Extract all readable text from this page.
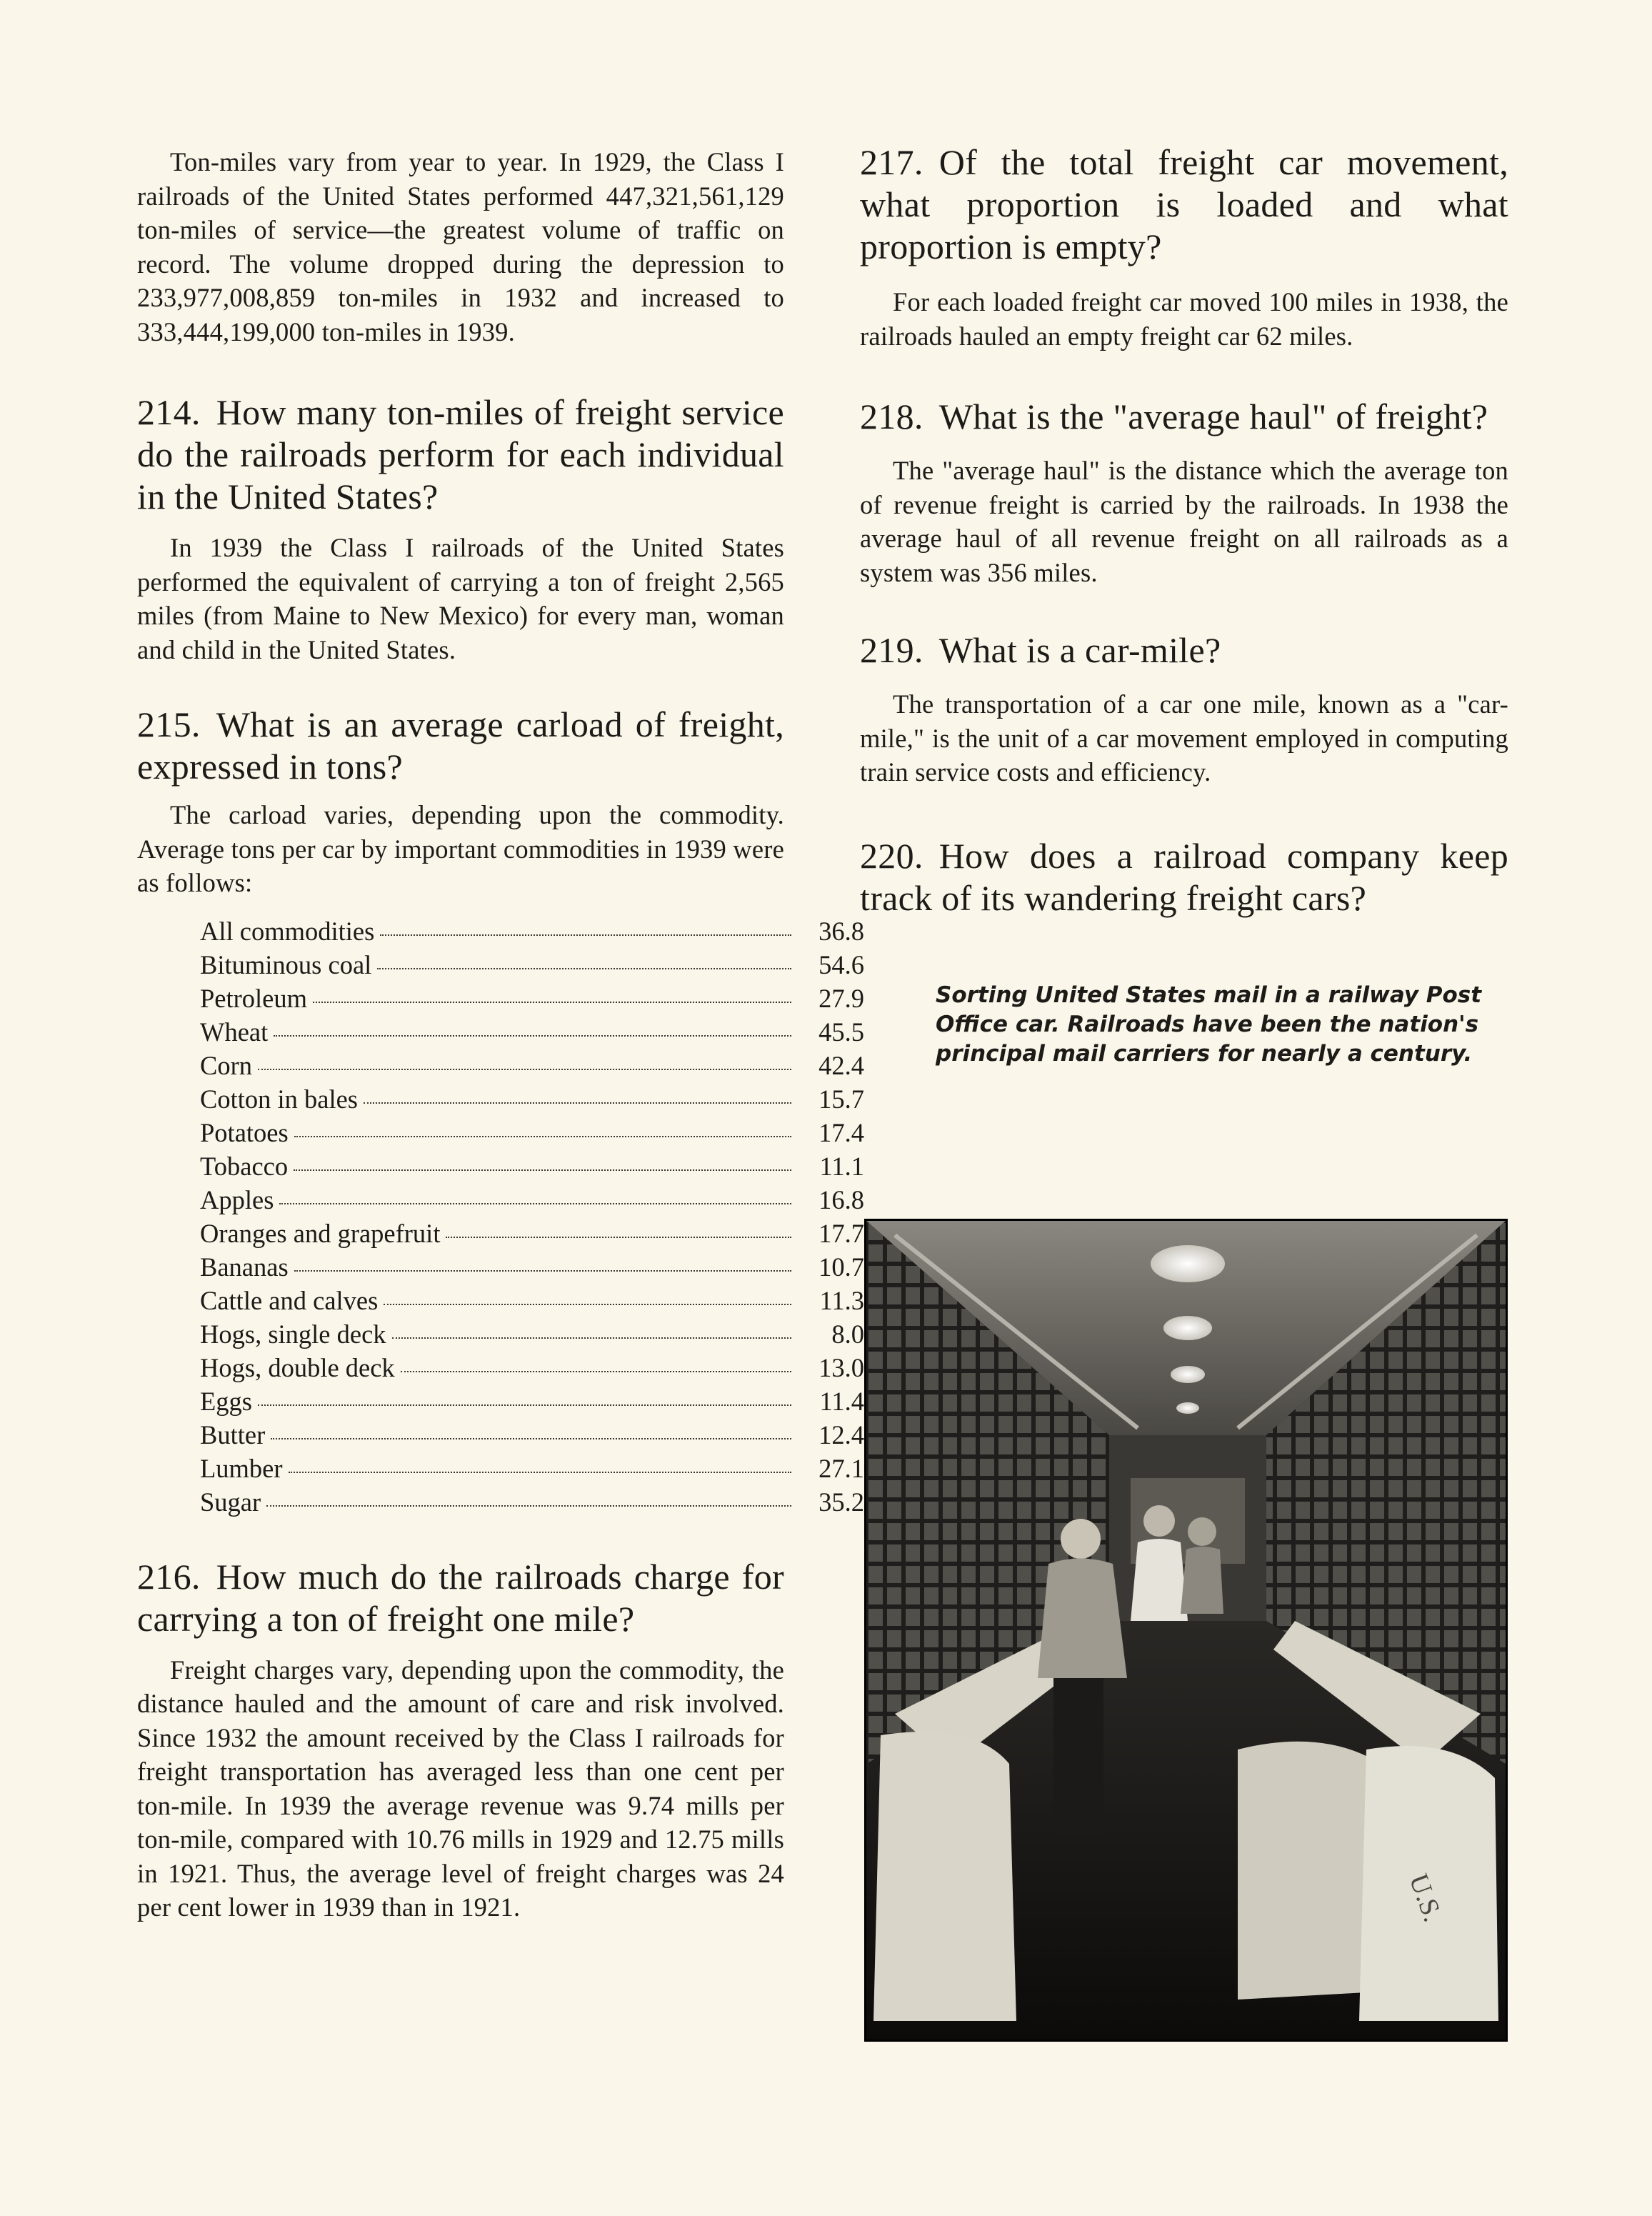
Ton-miles vary from year to year. In 1929, the Class I railroads of the United States performed 447,321,561,129 ton-miles of service—the greatest volume of traffic on record. The volume dropped during the depression to 233,977,008,859 ton-miles in 1932 and increased to 333,444,199,000 ton-miles in 1939.

214. How many ton-miles of freight service do the railroads perform for each individual in the United States?

In 1939 the Class I railroads of the United States performed the equivalent of carrying a ton of freight 2,565 miles (from Maine to New Mexico) for every man, woman and child in the United States.

215. What is an average carload of freight, expressed in tons?

The carload varies, depending upon the commodity. Average tons per car by important commodities in 1939 were as follows:

All commodities	36.8
Bituminous coal	54.6
Petroleum	27.9
Wheat	45.5
Corn	42.4
Cotton in bales	15.7
Potatoes	17.4
Tobacco	11.1
Apples	16.8
Oranges and grapefruit	17.7
Bananas	10.7
Cattle and calves	11.3
Hogs, single deck	8.0
Hogs, double deck	13.0
Eggs	11.4
Butter	12.4
Lumber	27.1
Sugar	35.2
216. How much do the railroads charge for carrying a ton of freight one mile?

Freight charges vary, depending upon the commodity, the distance hauled and the amount of care and risk involved. Since 1932 the amount received by the Class I railroads for freight transportation has averaged less than one cent per ton-mile. In 1939 the average revenue was 9.74 mills per ton-mile, compared with 10.76 mills in 1929 and 12.75 mills in 1921. Thus, the average level of freight charges was 24 per cent lower in 1939 than in 1921.

217. Of the total freight car movement, what proportion is loaded and what proportion is empty?

For each loaded freight car moved 100 miles in 1938, the railroads hauled an empty freight car 62 miles.

218. What is the "average haul" of freight?

The "average haul" is the distance which the average ton of revenue freight is carried by the railroads. In 1938 the average haul of all revenue freight on all railroads as a system was 356 miles.

219. What is a car-mile?

The transportation of a car one mile, known as a "car-mile," is the unit of a car movement employed in computing train service costs and efficiency.

220. How does a railroad company keep track of its wandering freight cars?
Sorting United States mail in a railway Post Office car. Railroads have been the nation's principal mail carriers for nearly a century.
U.S.
